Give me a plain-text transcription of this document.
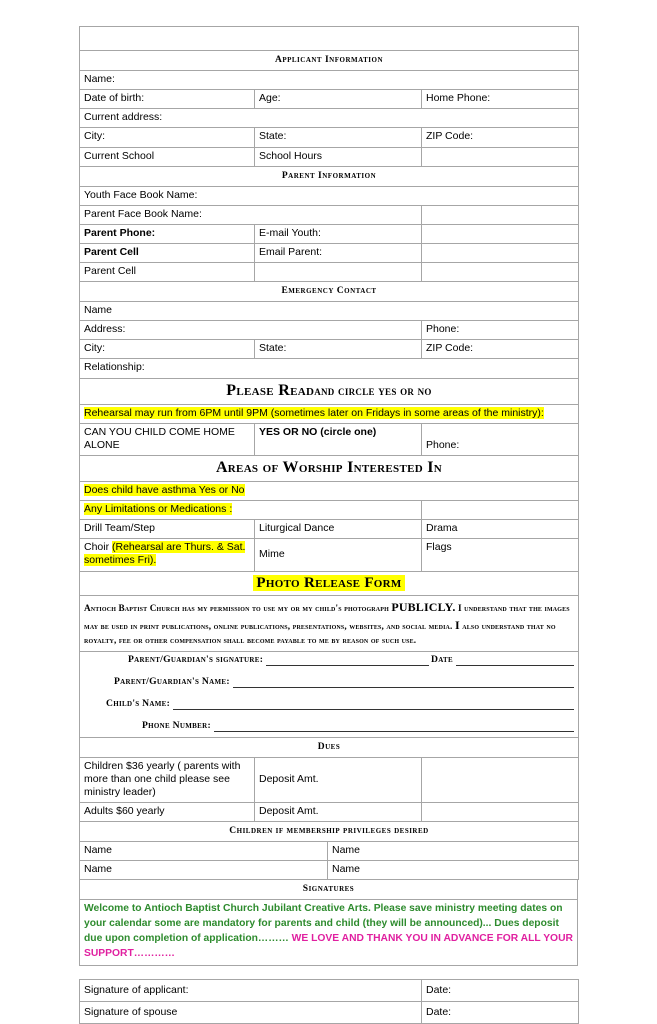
Jubilant Membership Application		
Applicant Information		
Name:		
Date of birth:	Age:	Home Phone:
Current address:		
City:	State:	ZIP Code:
Current School	School Hours	
Parent Information		
Youth Face Book Name:		
Parent Face Book Name:		
Parent Phone:	E-mail Youth:	
Parent Cell	Email Parent:	
Parent Cell		
Emergency Contact		
Name		
Address:		Phone:
City:	State:	ZIP Code:
Relationship:		
Please Readand circle yes or no		
Rehearsal may run from 6PM until 9PM (sometimes later on Fridays in some areas of the ministry):		
CAN YOU CHILD COME HOME ALONE	YES OR NO (circle one)	Phone:
Areas of Worship Interested In		
Does child have asthma Yes or No		
Any Limitations or Medications :		
Drill Team/Step	Liturgical Dance	Drama
Choir (Rehearsal are Thurs. & Sat. sometimes Fri).	Mime	Flags
Photo Release Form		

Antioch Baptist Church has my permission to use my or my child's photograph PUBLICLY. I understand that the images may be used in print publications, online publications, presentations, websites, and social media. I also understand that no royalty, fee or other compensation shall become payable to me by reason of such use.		

Parent/Guardian's signature: Date
Parent/Guardian's Name:
Child's Name:
Phone Number:		

Dues		
Children $36 yearly ( parents with more than one child please see ministry leader)	Deposit Amt.	
Adults $60 yearly	Deposit Amt.	
Children if membership privileges desired		
Name	Name
Name	Name
Signatures

Welcome to Antioch Baptist Church Jubilant Creative Arts. Please save ministry meeting dates on your calendar some are mandatory for parents and child (they will be announced)... Dues deposit due upon completion of application……… WE LOVE AND THANK YOU IN ADVANCE FOR ALL YOUR SUPPORT…………
Signature of applicant:	Date:
Signature of spouse	Date:
